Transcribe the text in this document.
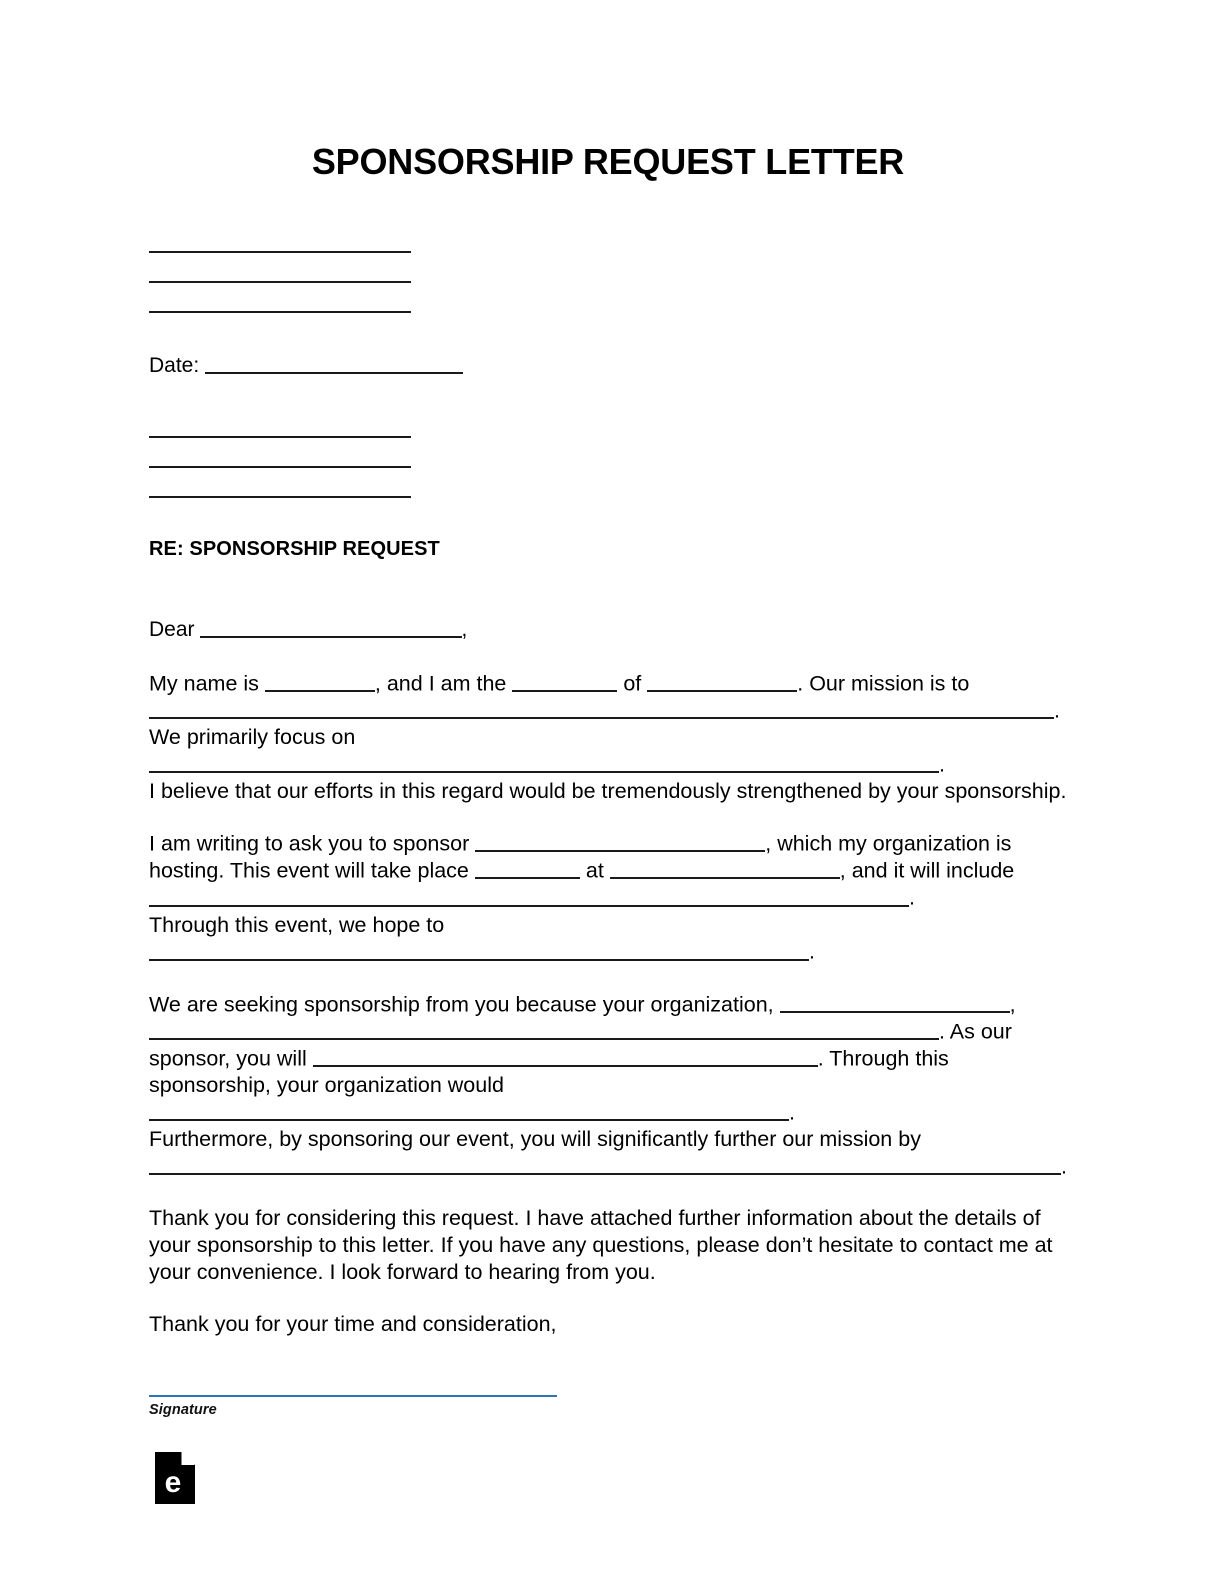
SPONSORSHIP REQUEST LETTER
Date:
RE: SPONSORSHIP REQUEST
Dear	,

My name is	, and I am the	of	. Our mission is to .

We primarily focus on .

I believe that our efforts in this regard would be tremendously strengthened by your sponsorship.

I am writing to ask you to sponsor	, which my organization is hosting. This event will take place	at	, and it will include .

Through this event, we hope to .

We are seeking sponsorship from you because your organization,	, . As our sponsor, you will	. Through this sponsorship, your organization would .

Furthermore, by sponsoring our event, you will significantly further our mission by

.

Thank you for considering this request. I have attached further information about the details of your sponsorship to this letter. If you have any questions, please don’t hesitate to contact me at your convenience. I look forward to hearing from you.

Thank you for your time and consideration,

Signature
e
